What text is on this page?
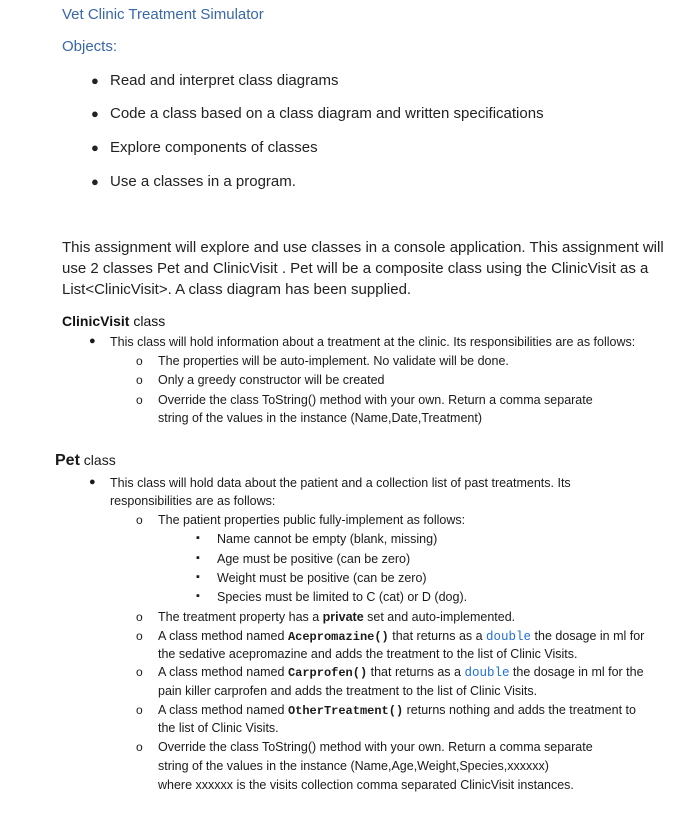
Vet Clinic Treatment Simulator
Objects:
● Read and interpret class diagrams
● Code a class based on a class diagram and written specifications
● Explore components of classes
● Use a classes in a program.
This assignment will explore and use classes in a console application. This assignment will
use 2 classes Pet and ClinicVisit . Pet will be a composite class using the ClinicVisit as a
List<ClinicVisit>. A class diagram has been supplied.
ClinicVisit class
● This class will hold information about a treatment at the clinic. Its responsibilities are as follows:
o The properties will be auto-implement. No validate will be done.
o Only a greedy constructor will be created
o Override the class ToString() method with your own. Return a comma separate
string of the values in the instance (Name,Date,Treatment)
Pet class
● This class will hold data about the patient and a collection list of past treatments. Its
responsibilities are as follows:
o The patient properties public fully-implement as follows:
▪ Name cannot be empty (blank, missing)
▪ Age must be positive (can be zero)
▪ Weight must be positive (can be zero)
▪ Species must be limited to C (cat) or D (dog).
o The treatment property has a private set and auto-implemented.
o A class method named Acepromazine() that returns as a double the dosage in ml for
the sedative acepromazine and adds the treatment to the list of Clinic Visits.
o A class method named Carprofen() that returns as a double the dosage in ml for the
pain killer carprofen and adds the treatment to the list of Clinic Visits.
o A class method named OtherTreatment() returns nothing and adds the treatment to
the list of Clinic Visits.
o Override the class ToString() method with your own. Return a comma separate
string of the values in the instance (Name,Age,Weight,Species,xxxxxx)
where xxxxxx is the visits collection comma separated ClinicVisit instances.
